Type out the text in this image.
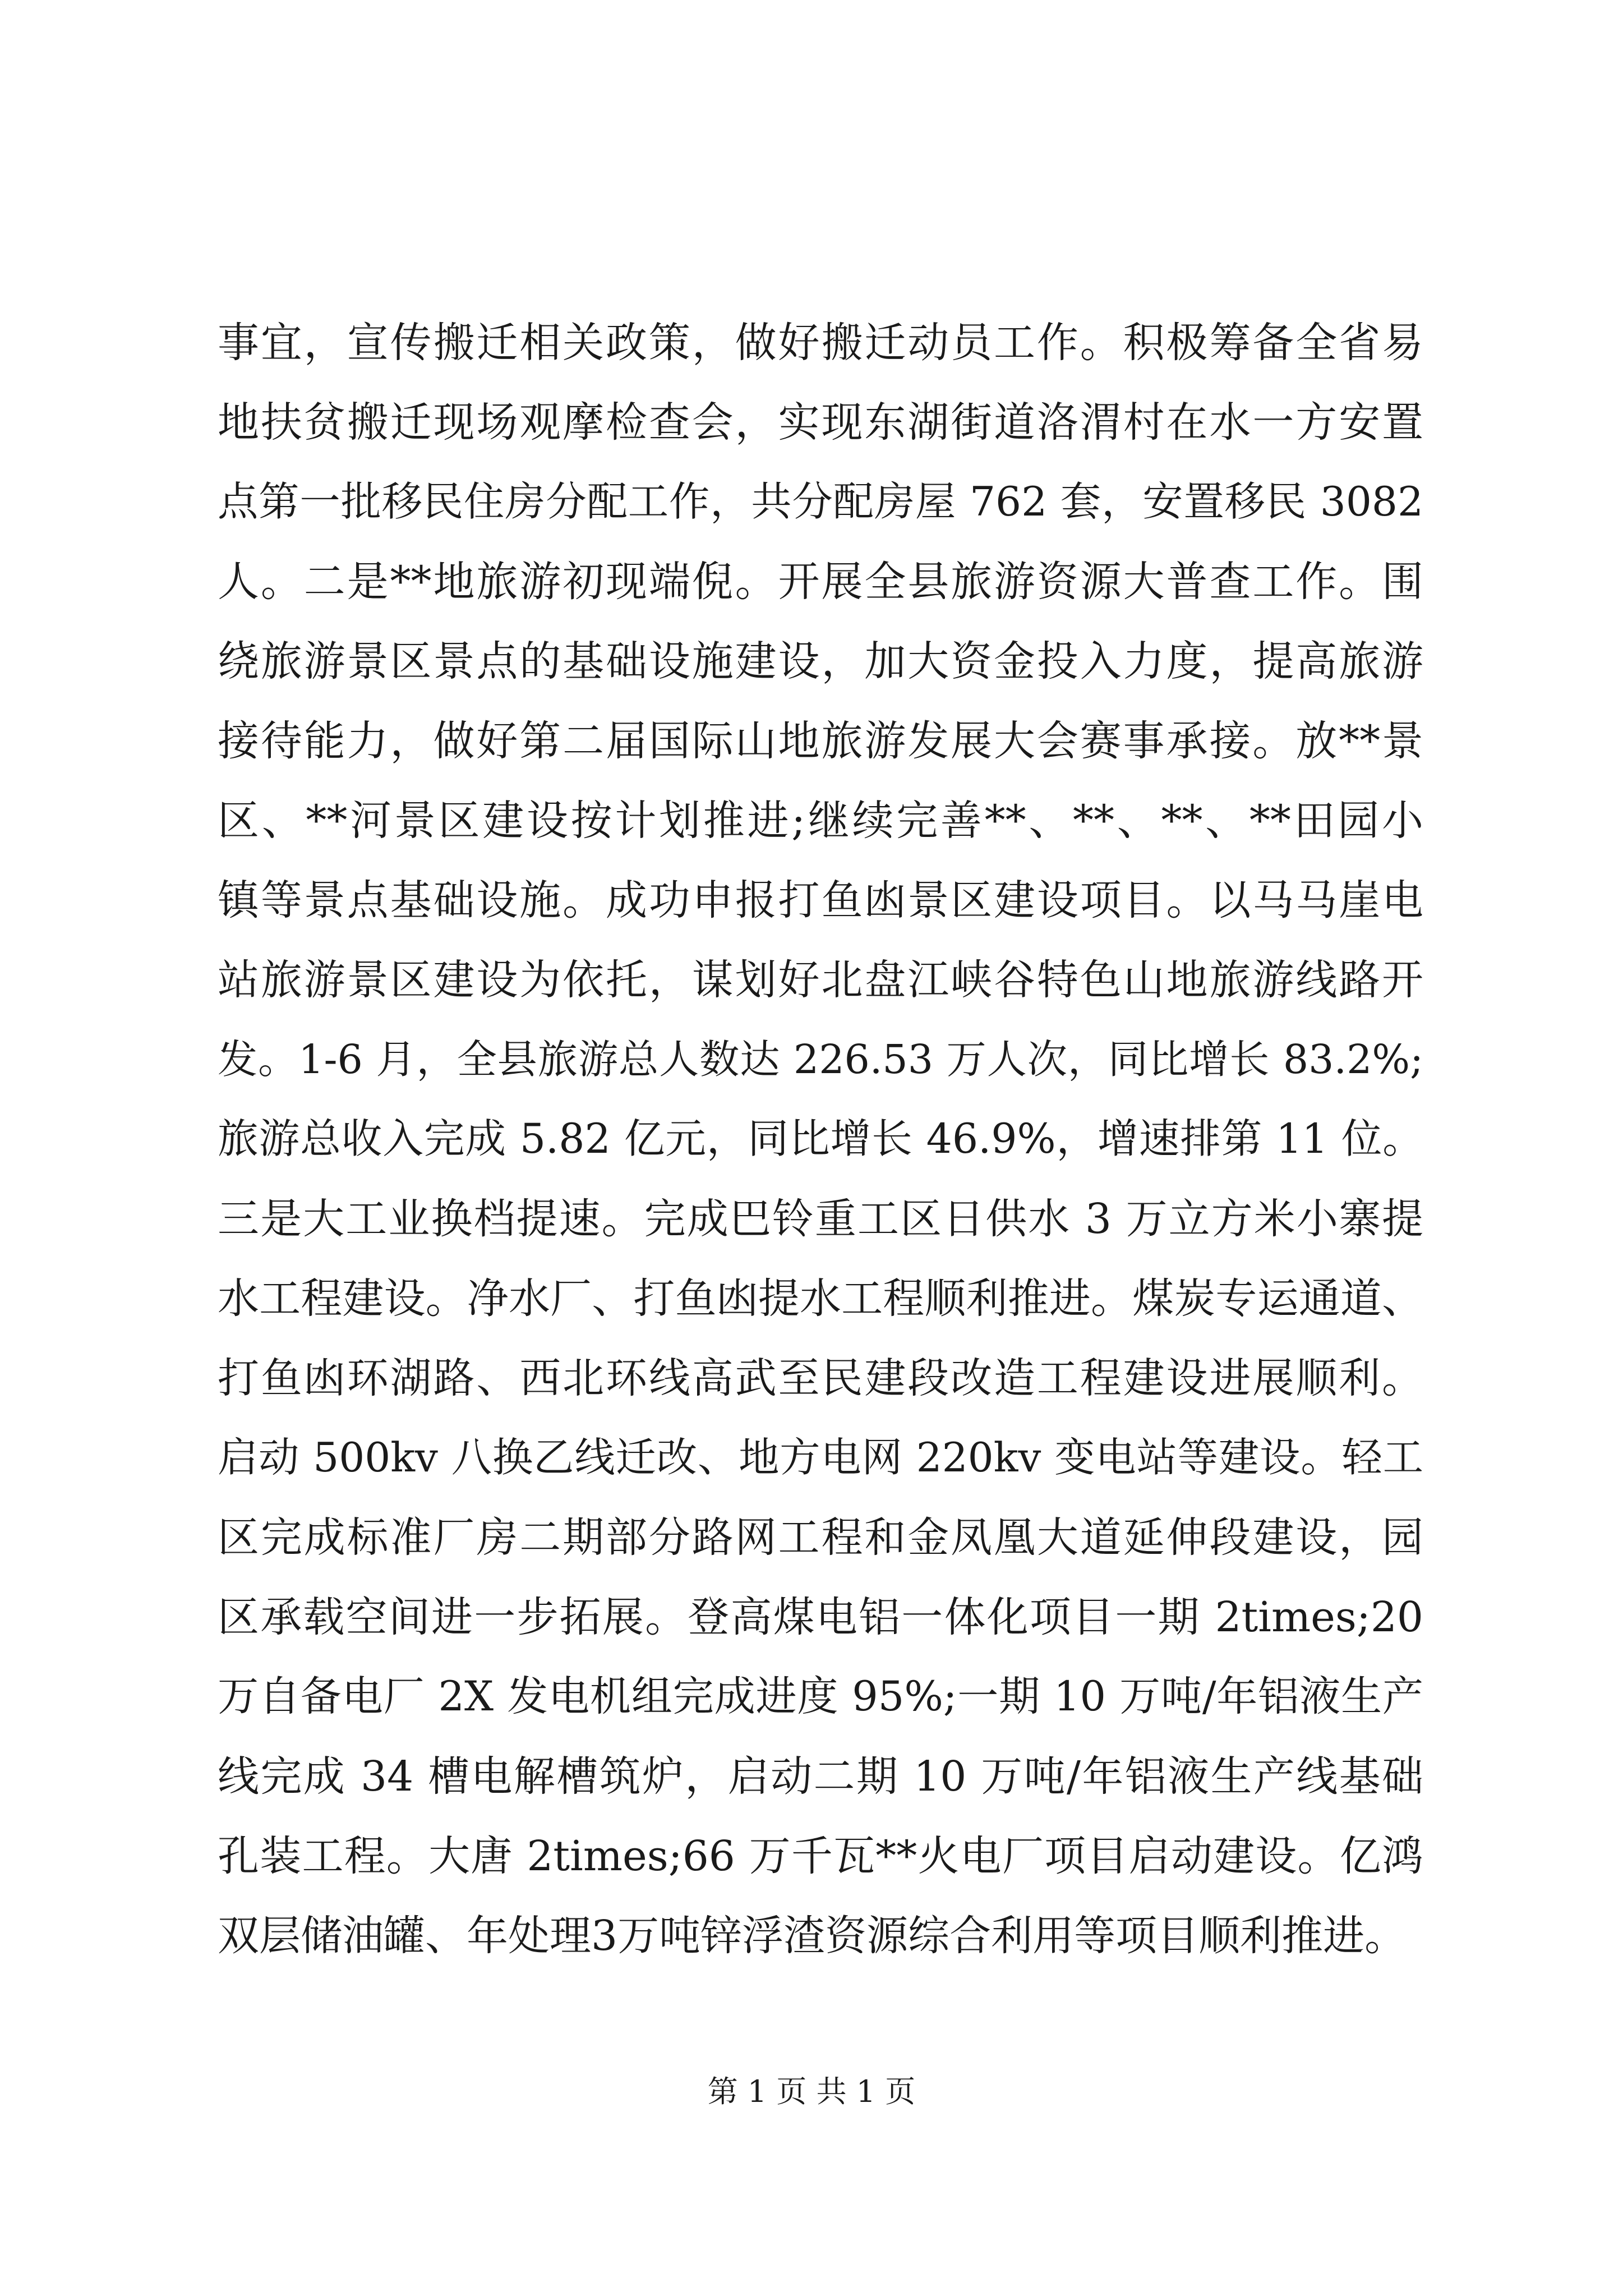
事宜，宣传搬迁相关政策，做好搬迁动员工作。积极筹备全省易
地扶贫搬迁现场观摩检查会，实现东湖街道洛渭村在水一方安置
点第一批移民住房分配工作，共分配房屋 762 套，安置移民 3082
人。二是**地旅游初现端倪。开展全县旅游资源大普查工作。围
绕旅游景区景点的基础设施建设，加大资金投入力度，提高旅游
接待能力，做好第二届国际山地旅游发展大会赛事承接。放**景
区、**河景区建设按计划推进;继续完善**、**、**、**田园小
镇等景点基础设施。成功申报打鱼凼景区建设项目。以马马崖电
站旅游景区建设为依托，谋划好北盘江峡谷特色山地旅游线路开
发。1-6 月，全县旅游总人数达 226.53 万人次，同比增长 83.2%;
旅游总收入完成 5.82 亿元，同比增长 46.9%，增速排第 11 位。
三是大工业换档提速。完成巴铃重工区日供水 3 万立方米小寨提
水工程建设。净水厂、打鱼凼提水工程顺利推进。煤炭专运通道、
打鱼凼环湖路、西北环线高武至民建段改造工程建设进展顺利。
启动 500kv 八换乙线迁改、地方电网 220kv 变电站等建设。轻工
区完成标准厂房二期部分路网工程和金凤凰大道延伸段建设，园
区承载空间进一步拓展。登高煤电铝一体化项目一期 2times;20
万自备电厂 2X 发电机组完成进度 95%;一期 10 万吨/年铝液生产
线完成 34 槽电解槽筑炉，启动二期 10 万吨/年铝液生产线基础
孔装工程。大唐 2times;66 万千瓦**火电厂项目启动建设。亿鸿
双层储油罐、年处理3万吨锌浮渣资源综合利用等项目顺利推进。
第 1 页 共 1 页
